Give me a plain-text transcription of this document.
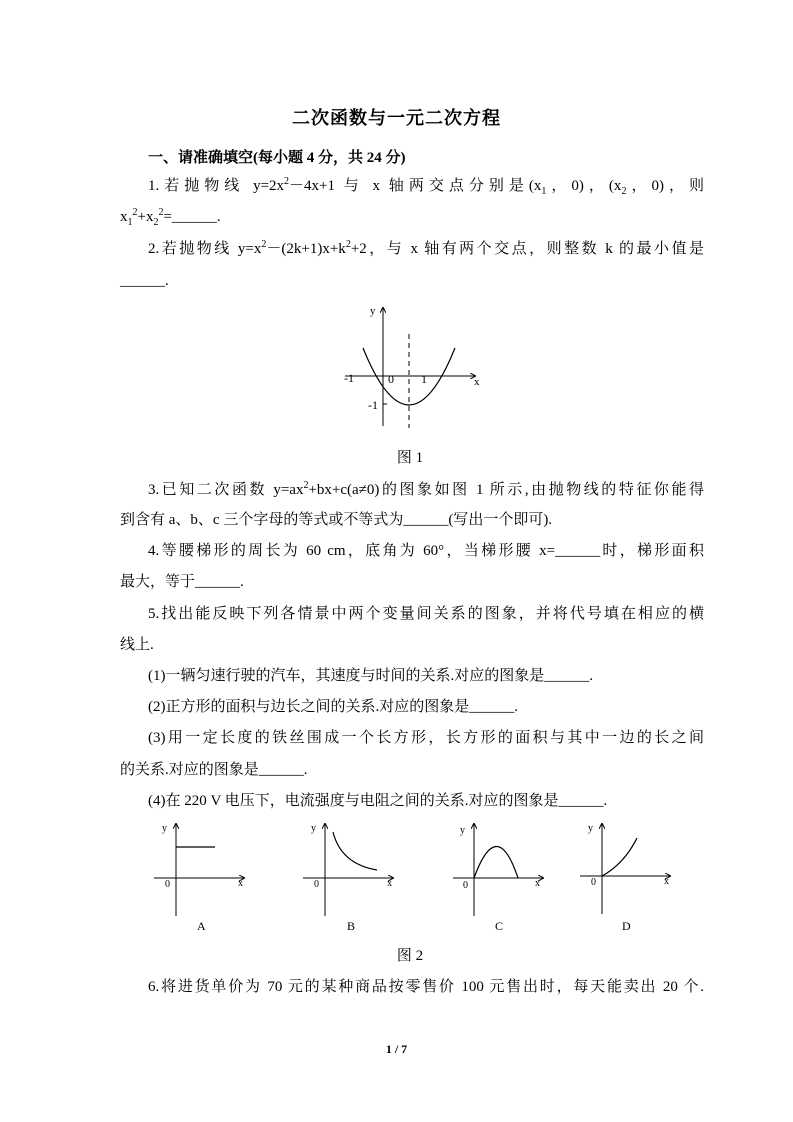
二次函数与一元二次方程
一、请准确填空(每小题 4 分，共 24 分)
1.若抛物线 $y=2x^2-4x+1$ 与 x 轴两交点分别是($x_1$，0)，($x_2$，0)，则
$x_1^2+x_2^2=\_\_\_\_\_\_$.
2.若抛物线 $y=x^2-(2k+1)x+k^2+2$，与 x 轴有两个交点，则整数 k 的最小值是
______.
y
x
-1	0 1
-1
图 1
3.已知二次函数 $y=ax^2+bx+c(a\ne 0)$的图象如图 1 所示,由抛物线的特征你能得
到含有 a、b、c 三个字母的等式或不等式为______(写出一个即可).
4.等腰梯形的周长为 60 cm，底角为 60°，当梯形腰 x=______时，梯形面积
最大，等于______.
5.找出能反映下列各情景中两个变量间关系的图象，并将代号填在相应的横
线上.
(1)一辆匀速行驶的汽车，其速度与时间的关系.对应的图象是______.
(2)正方形的面积与边长之间的关系.对应的图象是______.
(3)用一定长度的铁丝围成一个长方形，长方形的面积与其中一边的长之间
的关系.对应的图象是______.
(4)在 220 V 电压下，电流强度与电阻之间的关系.对应的图象是______.
y
x
0
A
y
x
0
B
y
x
0
C
y
x
0
D
图 2
6.将进货单价为 70 元的某种商品按零售价 100 元售出时，每天能卖出 20 个.
1 / 7
